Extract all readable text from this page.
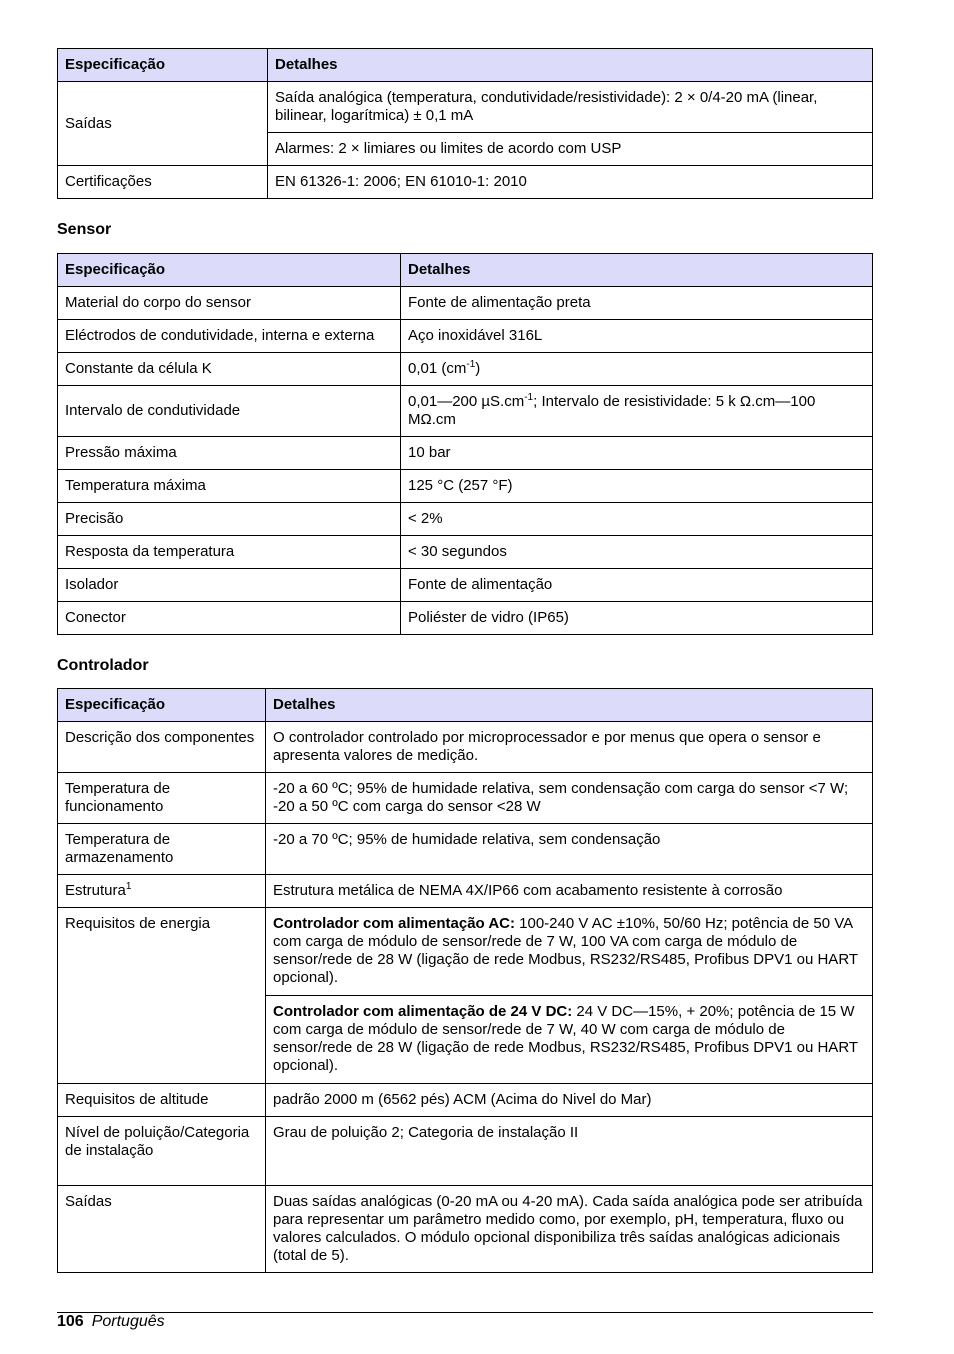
Especificação	Detalhes
Saídas	Saída analógica (temperatura, condutividade/resistividade): 2 × 0/4-20 mA (linear, bilinear, logarítmica) ± 0,1 mA
	Alarmes: 2 × limiares ou limites de acordo com USP
Certificações	EN 61326-1: 2006; EN 61010-1: 2010
Sensor
Especificação	Detalhes
Material do corpo do sensor	Fonte de alimentação preta
Eléctrodos de condutividade, interna e externa	Aço inoxidável 316L
Constante da célula K	0,01 $(cm^{-1})$
Intervalo de condutividade	0,01—200 $\mu S.cm^{-1}$; Intervalo de resistividade: 5 k Ω.cm—100 MΩ.cm
Pressão máxima	10 bar
Temperatura máxima	125 °C (257 °F)
Precisão	< 2%
Resposta da temperatura	< 30 segundos
Isolador	Fonte de alimentação
Conector	Poliéster de vidro (IP65)
Controlador
Especificação	Detalhes
Descrição dos componentes	O controlador controlado por microprocessador e por menus que opera o sensor e apresenta valores de medição.
Temperatura de funcionamento	-20 a 60 ºC; 95% de humidade relativa, sem condensação com carga do sensor <7 W; -20 a 50 ºC com carga do sensor <28 W
Temperatura de armazenamento	-20 a 70 ºC; 95% de humidade relativa, sem condensação
Estrutura$^1$	Estrutura metálica de NEMA 4X/IP66 com acabamento resistente à corrosão
Requisitos de energia	Controlador com alimentação AC: 100-240 V AC ±10%, 50/60 Hz; potência de 50 VA com carga de módulo de sensor/rede de 7 W, 100 VA com carga de módulo de sensor/rede de 28 W (ligação de rede Modbus, RS232/RS485, Profibus DPV1 ou HART opcional).
	Controlador com alimentação de 24 V DC: 24 V DC—15%, + 20%; potência de 15 W com carga de módulo de sensor/rede de 7 W, 40 W com carga de módulo de sensor/rede de 28 W (ligação de rede Modbus, RS232/RS485, Profibus DPV1 ou HART opcional).
Requisitos de altitude	padrão 2000 m (6562 pés) ACM (Acima do Nivel do Mar)
Nível de poluição/Categoria de instalação	Grau de poluição 2; Categoria de instalação II
Saídas	Duas saídas analógicas (0-20 mA ou 4-20 mA). Cada saída analógica pode ser atribuída para representar um parâmetro medido como, por exemplo, pH, temperatura, fluxo ou valores calculados. O módulo opcional disponibiliza três saídas analógicas adicionais (total de 5).
106 Português
